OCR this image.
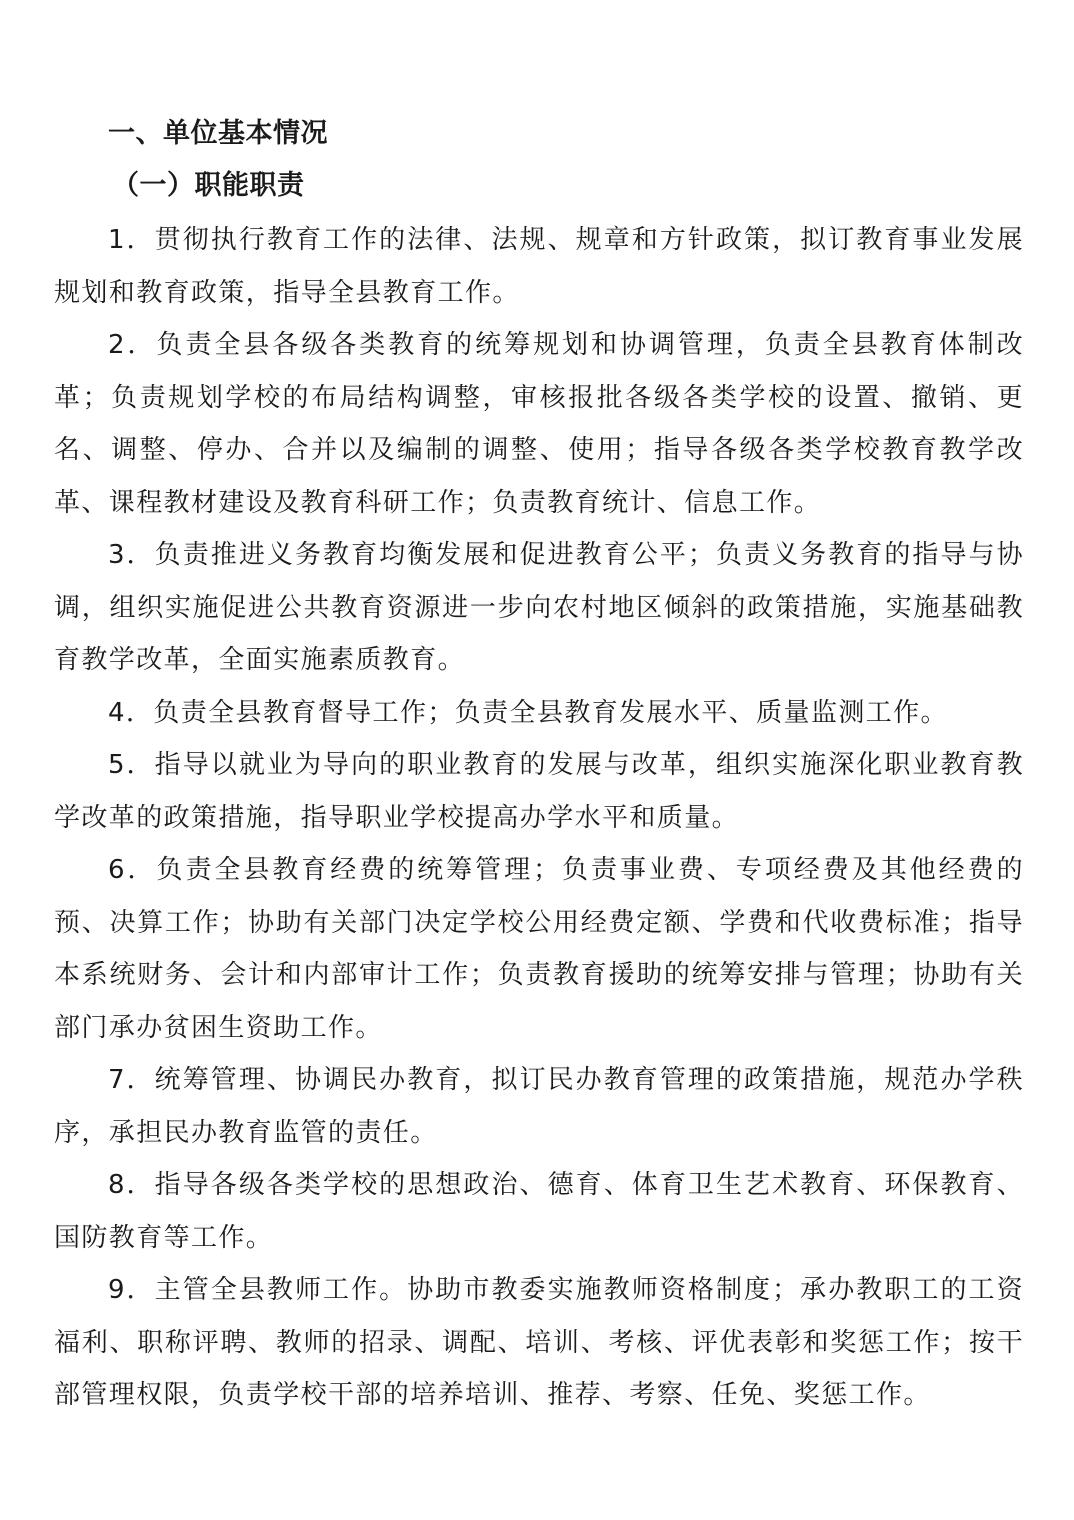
一、单位基本情况
（一）职能职责

1．贯彻执行教育工作的法律、法规、规章和方针政策，拟订教育事业发展规划和教育政策，指导全县教育工作。

2．负责全县各级各类教育的统筹规划和协调管理，负责全县教育体制改革；负责规划学校的布局结构调整，审核报批各级各类学校的设置、撤销、更名、调整、停办、合并以及编制的调整、使用；指导各级各类学校教育教学改革、课程教材建设及教育科研工作；负责教育统计、信息工作。

3．负责推进义务教育均衡发展和促进教育公平；负责义务教育的指导与协调，组织实施促进公共教育资源进一步向农村地区倾斜的政策措施，实施基础教育教学改革，全面实施素质教育。

4．负责全县教育督导工作；负责全县教育发展水平、质量监测工作。

5．指导以就业为导向的职业教育的发展与改革，组织实施深化职业教育教学改革的政策措施，指导职业学校提高办学水平和质量。

6．负责全县教育经费的统筹管理；负责事业费、专项经费及其他经费的预、决算工作；协助有关部门决定学校公用经费定额、学费和代收费标准；指导本系统财务、会计和内部审计工作；负责教育援助的统筹安排与管理；协助有关部门承办贫困生资助工作。

7．统筹管理、协调民办教育，拟订民办教育管理的政策措施，规范办学秩序，承担民办教育监管的责任。

8．指导各级各类学校的思想政治、德育、体育卫生艺术教育、环保教育、国防教育等工作。

9．主管全县教师工作。协助市教委实施教师资格制度；承办教职工的工资福利、职称评聘、教师的招录、调配、培训、考核、评优表彰和奖惩工作；按干部管理权限，负责学校干部的培养培训、推荐、考察、任免、奖惩工作。
